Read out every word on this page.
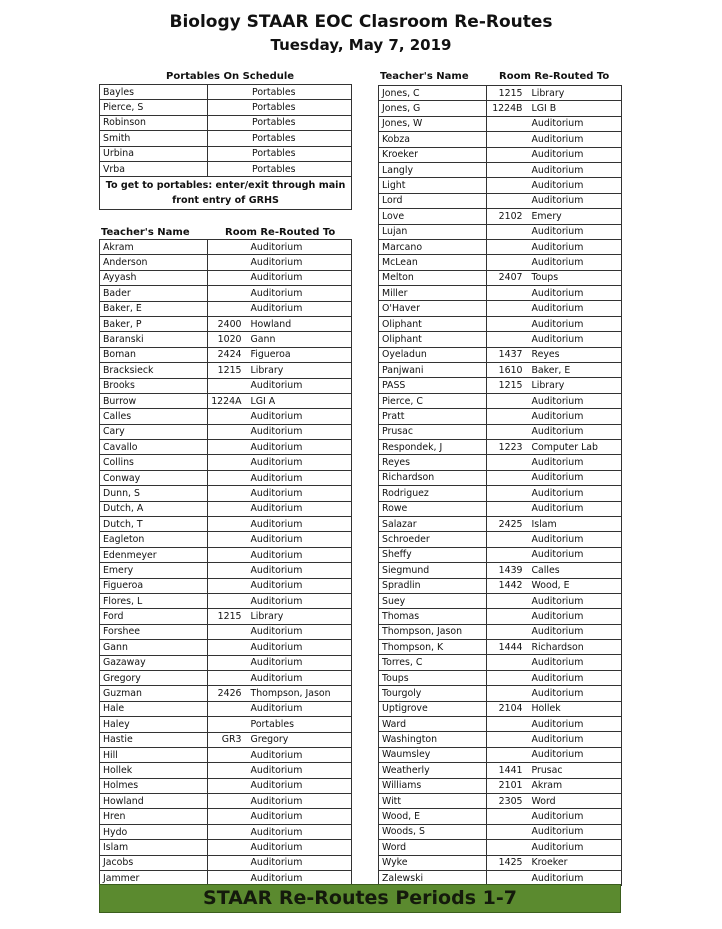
Biology STAAR EOC Clasroom Re-Routes
Tuesday, May 7, 2019
Portables On Schedule
Bayles	Portables
Pierce, S	Portables
Robinson	Portables
Smith	Portables
Urbina	Portables
Vrba	Portables
To get to portables: enter/exit through main front entry of GRHS	
Teacher's Name	Room Re-Routed To
Akram		Auditorium
Anderson		Auditorium
Ayyash		Auditorium
Bader		Auditorium
Baker, E		Auditorium
Baker, P	2400	Howland
Baranski	1020	Gann
Boman	2424	Figueroa
Bracksieck	1215	Library
Brooks		Auditorium
Burrow	1224A	LGI A
Calles		Auditorium
Cary		Auditorium
Cavallo		Auditorium
Collins		Auditorium
Conway		Auditorium
Dunn, S		Auditorium
Dutch, A		Auditorium
Dutch, T		Auditorium
Eagleton		Auditorium
Edenmeyer		Auditorium
Emery		Auditorium
Figueroa		Auditorium
Flores, L		Auditorium
Ford	1215	Library
Forshee		Auditorium
Gann		Auditorium
Gazaway		Auditorium
Gregory		Auditorium
Guzman	2426	Thompson, Jason
Hale		Auditorium
Haley		Portables
Hastie	GR3	Gregory
Hill		Auditorium
Hollek		Auditorium
Holmes		Auditorium
Howland		Auditorium
Hren		Auditorium
Hydo		Auditorium
Islam		Auditorium
Jacobs		Auditorium
Jammer		Auditorium
Teacher's Name	Room Re-Routed To
Jones, C	1215	Library
Jones, G	1224B	LGI B
Jones, W		Auditorium
Kobza		Auditorium
Kroeker		Auditorium
Langly		Auditorium
Light		Auditorium
Lord		Auditorium
Love	2102	Emery
Lujan		Auditorium
Marcano		Auditorium
McLean		Auditorium
Melton	2407	Toups
Miller		Auditorium
O'Haver		Auditorium
Oliphant		Auditorium
Oliphant		Auditorium
Oyeladun	1437	Reyes
Panjwani	1610	Baker, E
PASS	1215	Library
Pierce, C		Auditorium
Pratt		Auditorium
Prusac		Auditorium
Respondek, J	1223	Computer Lab
Reyes		Auditorium
Richardson		Auditorium
Rodriguez		Auditorium
Rowe		Auditorium
Salazar	2425	Islam
Schroeder		Auditorium
Sheffy		Auditorium
Siegmund	1439	Calles
Spradlin	1442	Wood, E
Suey		Auditorium
Thomas		Auditorium
Thompson, Jason		Auditorium
Thompson, K	1444	Richardson
Torres, C		Auditorium
Toups		Auditorium
Tourgoly		Auditorium
Uptigrove	2104	Hollek
Ward		Auditorium
Washington		Auditorium
Waumsley		Auditorium
Weatherly	1441	Prusac
Williams	2101	Akram
Witt	2305	Word
Wood, E		Auditorium
Woods, S		Auditorium
Word		Auditorium
Wyke	1425	Kroeker
Zalewski		Auditorium
STAAR Re-Routes Periods 1-7
